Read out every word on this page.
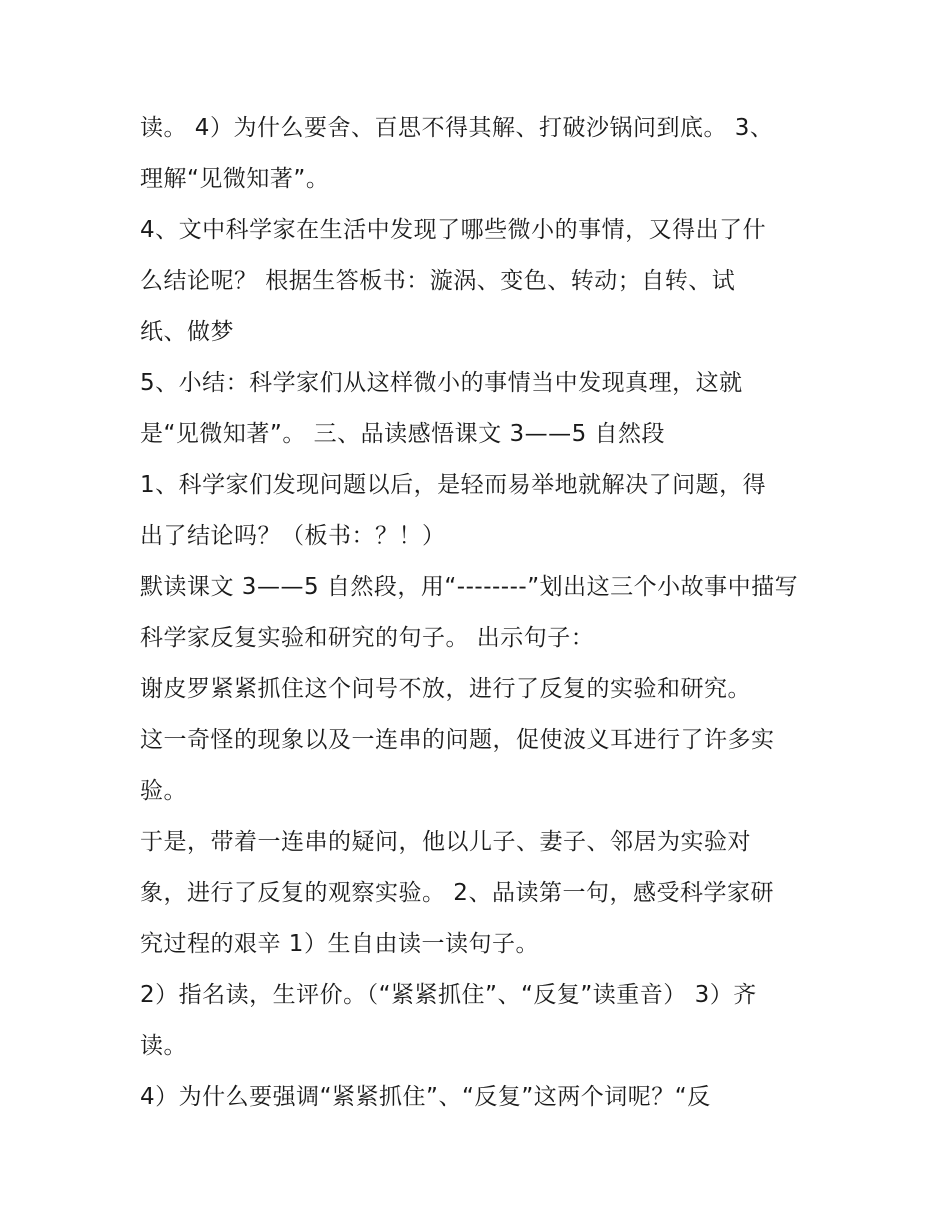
读。 4）为什么要舍、百思不得其解、打破沙锅问到底。 3、

理解“见微知著”。

4、文中科学家在生活中发现了哪些微小的事情，又得出了什

么结论呢？ 根据生答板书：漩涡、变色、转动；自转、试

纸、做梦

5、小结：科学家们从这样微小的事情当中发现真理，这就

是“见微知著”。 三、品读感悟课文 3——5 自然段

1、科学家们发现问题以后，是轻而易举地就解决了问题，得

出了结论吗？（板书：？！）

默读课文 3——5 自然段，用“--------”划出这三个小故事中描写

科学家反复实验和研究的句子。 出示句子：

谢皮罗紧紧抓住这个问号不放，进行了反复的实验和研究。

这一奇怪的现象以及一连串的问题，促使波义耳进行了许多实

验。

于是，带着一连串的疑问，他以儿子、妻子、邻居为实验对

象，进行了反复的观察实验。 2、品读第一句，感受科学家研

究过程的艰辛 1）生自由读一读句子。

2）指名读，生评价。（“紧紧抓住”、“反复”读重音） 3）齐

读。

4）为什么要强调“紧紧抓住”、“反复”这两个词呢？“反
